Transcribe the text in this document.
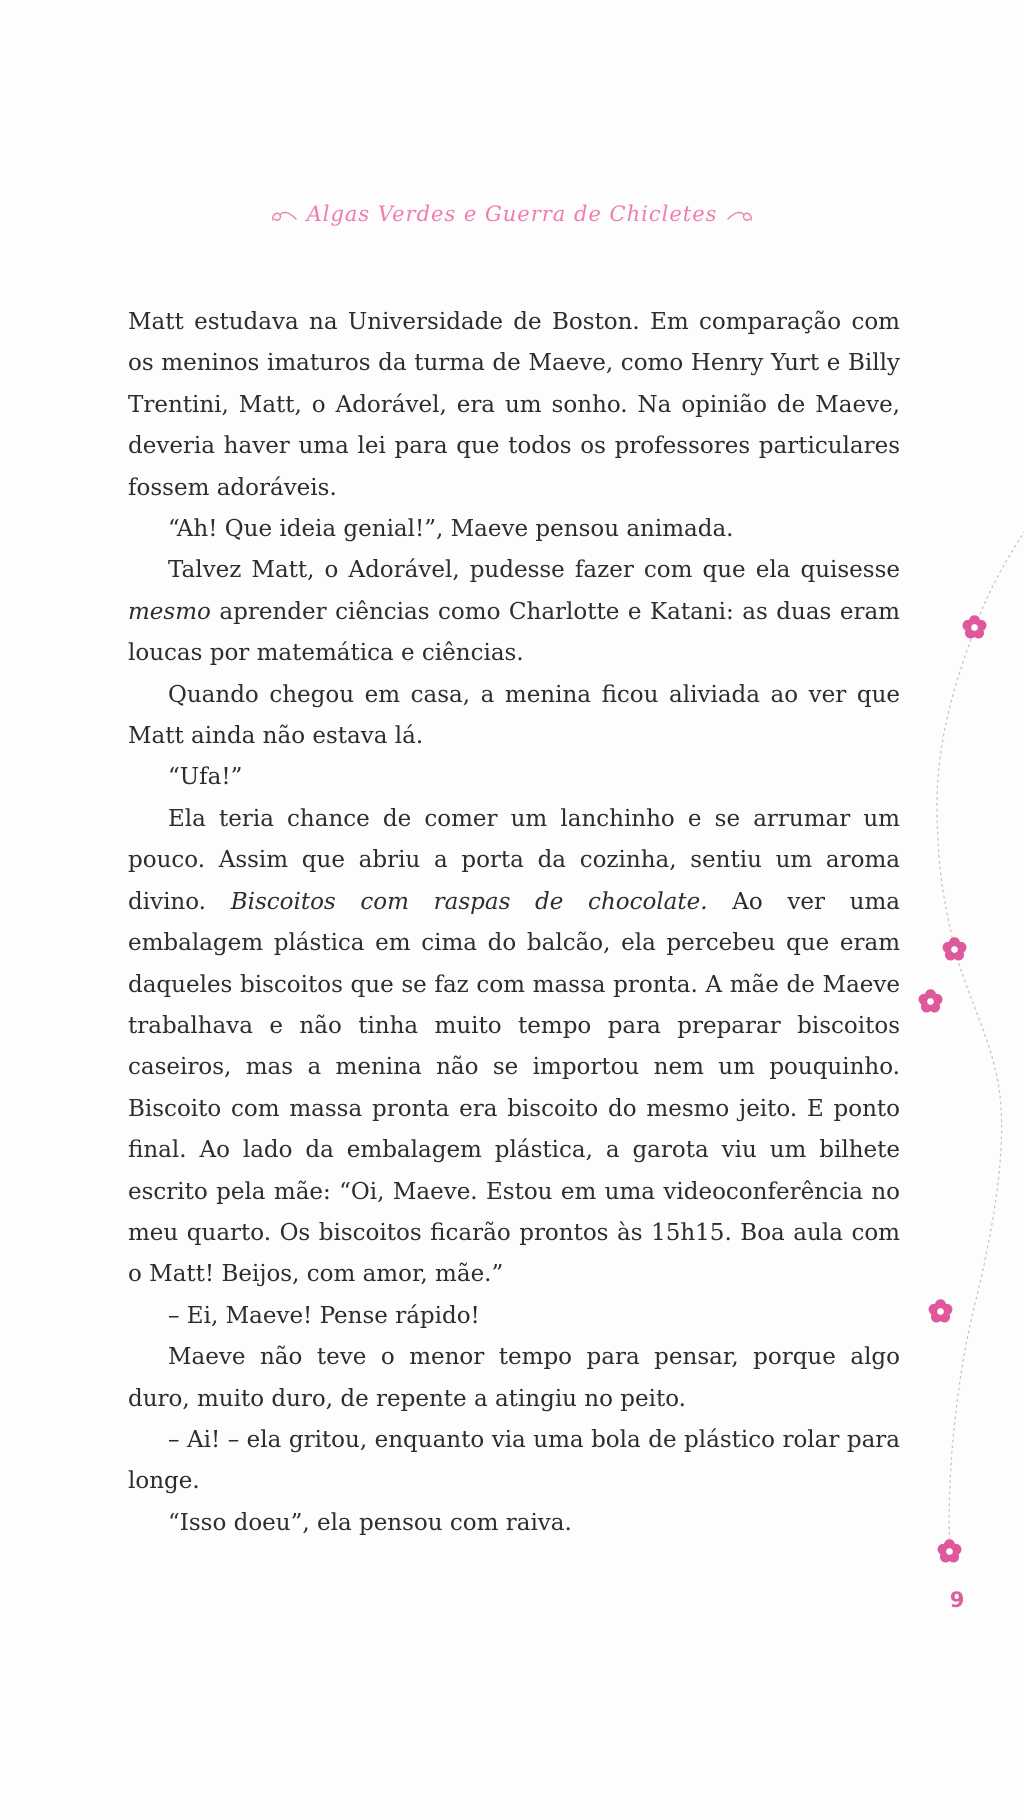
Algas Verdes e Guerra de Chicletes

Matt estudava na Universidade de Boston. Em comparação com os meninos imaturos da turma de Maeve, como Henry Yurt e Billy Trentini, Matt, o Adorável, era um sonho. Na opinião de Maeve, deveria haver uma lei para que todos os professores particulares fossem adoráveis.

“Ah! Que ideia genial!”, Maeve pensou animada.

Talvez Matt, o Adorável, pudesse fazer com que ela quisesse mesmo aprender ciências como Charlotte e Katani: as duas eram loucas por matemática e ciências.

Quando chegou em casa, a menina ficou aliviada ao ver que Matt ainda não estava lá.

“Ufa!”

Ela teria chance de comer um lanchinho e se arrumar um pouco. Assim que abriu a porta da cozinha, sentiu um aroma divino. Biscoitos com raspas de chocolate. Ao ver uma embalagem plástica em cima do balcão, ela percebeu que eram daqueles biscoitos que se faz com massa pronta. A mãe de Maeve trabalhava e não tinha muito tempo para preparar biscoitos caseiros, mas a menina não se importou nem um pouquinho. Biscoito com massa pronta era biscoito do mesmo jeito. E ponto final. Ao lado da embalagem plástica, a garota viu um bilhete escrito pela mãe: “Oi, Maeve. Estou em uma videoconferência no meu quarto. Os biscoitos ficarão prontos às 15h15. Boa aula com o Matt! Beijos, com amor, mãe.”

– Ei, Maeve! Pense rápido!

Maeve não teve o menor tempo para pensar, porque algo duro, muito duro, de repente a atingiu no peito.

– Ai! – ela gritou, enquanto via uma bola de plástico rolar para longe.

“Isso doeu”, ela pensou com raiva.

9
